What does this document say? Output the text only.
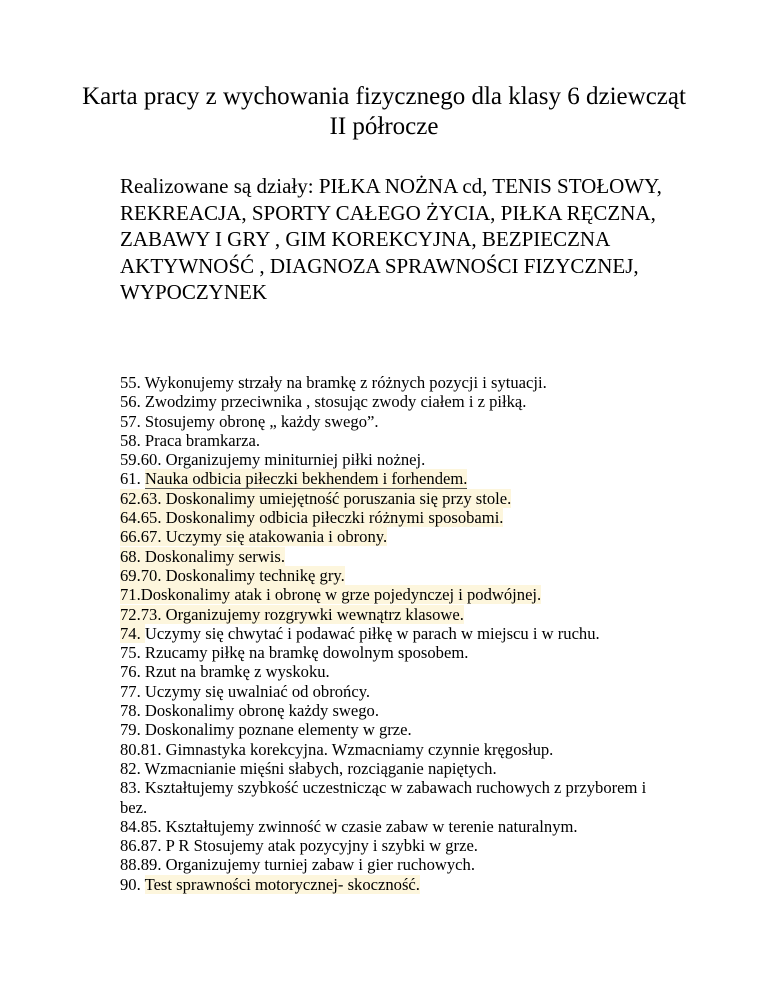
Karta pracy z wychowania fizycznego dla klasy 6 dziewcząt
II półrocze
Realizowane są działy: PIŁKA NOŻNA cd, TENIS STOŁOWY,
REKREACJA, SPORTY CAŁEGO ŻYCIA, PIŁKA RĘCZNA,
ZABAWY I GRY , GIM KOREKCYJNA, BEZPIECZNA
AKTYWNOŚĆ , DIAGNOZA SPRAWNOŚCI FIZYCZNEJ,
WYPOCZYNEK
55. Wykonujemy strzały na bramkę z różnych pozycji i sytuacji.
56. Zwodzimy przeciwnika , stosując zwody ciałem i z piłką.
57. Stosujemy obronę „ każdy swego”.
58. Praca bramkarza.
59.60. Organizujemy miniturniej piłki nożnej.
61. Nauka odbicia piłeczki bekhendem i forhendem.
62.63. Doskonalimy umiejętność poruszania się przy stole.
64.65. Doskonalimy odbicia piłeczki różnymi sposobami.
66.67. Uczymy się atakowania i obrony.
68. Doskonalimy serwis.
69.70. Doskonalimy technikę gry.
71.Doskonalimy atak i obronę w grze pojedynczej i podwójnej.
72.73. Organizujemy rozgrywki wewnątrz klasowe.
74. Uczymy się chwytać i podawać piłkę w parach w miejscu i w ruchu.
75. Rzucamy piłkę na bramkę dowolnym sposobem.
76. Rzut na bramkę z wyskoku.
77. Uczymy się uwalniać od obrońcy.
78. Doskonalimy obronę każdy swego.
79. Doskonalimy poznane elementy w grze.
80.81. Gimnastyka korekcyjna. Wzmacniamy czynnie kręgosłup.
82. Wzmacnianie mięśni słabych, rozciąganie napiętych.
83. Kształtujemy szybkość uczestnicząc w zabawach ruchowych z przyborem i
bez.
84.85. Kształtujemy zwinność w czasie zabaw w terenie naturalnym.
86.87. P R Stosujemy atak pozycyjny i szybki w grze.
88.89. Organizujemy turniej zabaw i gier ruchowych.
90. Test sprawności motorycznej- skoczność.
